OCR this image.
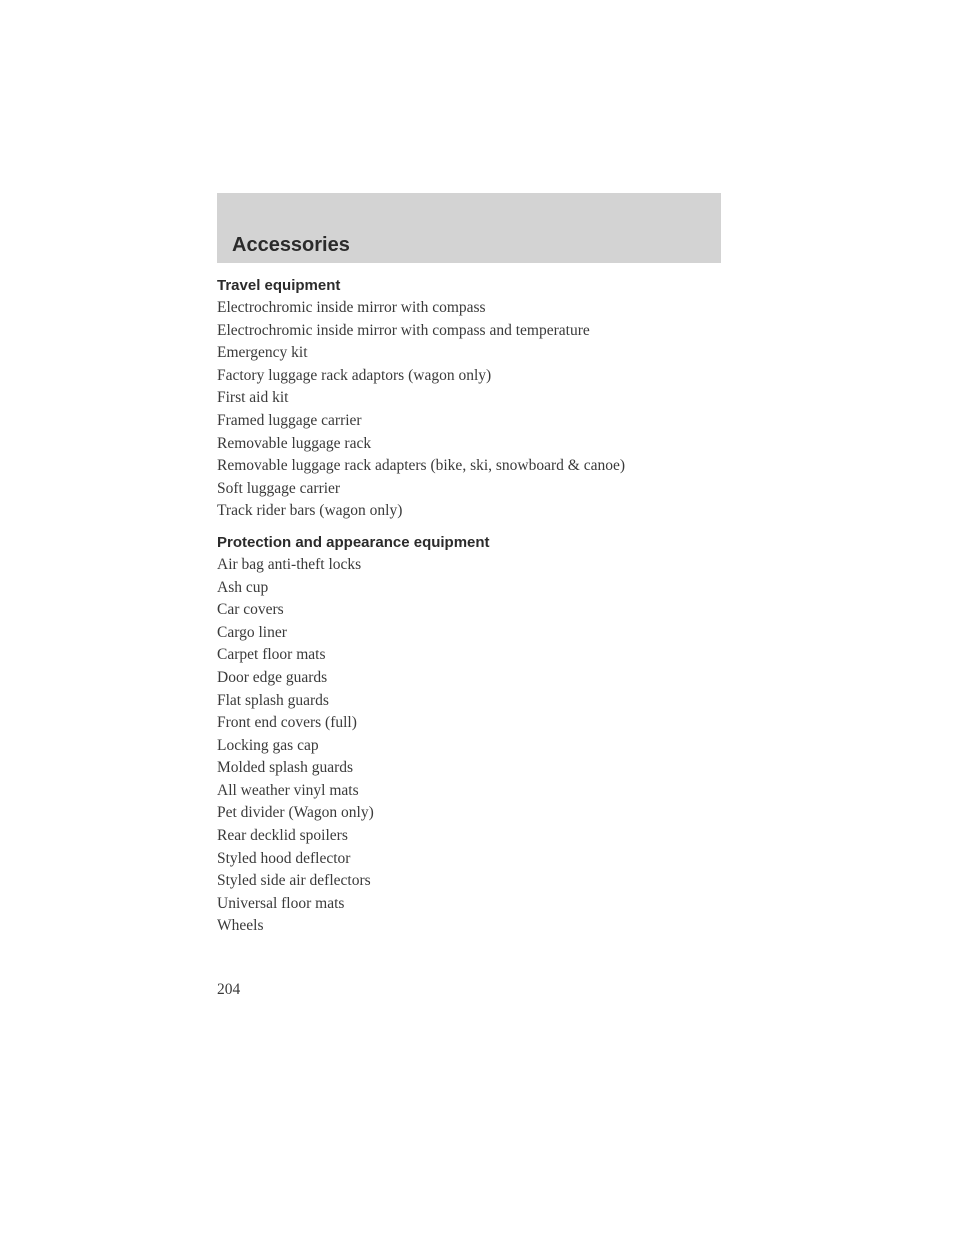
Accessories
Travel equipment
Electrochromic inside mirror with compass
Electrochromic inside mirror with compass and temperature
Emergency kit
Factory luggage rack adaptors (wagon only)
First aid kit
Framed luggage carrier
Removable luggage rack
Removable luggage rack adapters (bike, ski, snowboard & canoe)
Soft luggage carrier
Track rider bars (wagon only)
Protection and appearance equipment
Air bag anti-theft locks
Ash cup
Car covers
Cargo liner
Carpet floor mats
Door edge guards
Flat splash guards
Front end covers (full)
Locking gas cap
Molded splash guards
All weather vinyl mats
Pet divider (Wagon only)
Rear decklid spoilers
Styled hood deflector
Styled side air deflectors
Universal floor mats
Wheels
204
